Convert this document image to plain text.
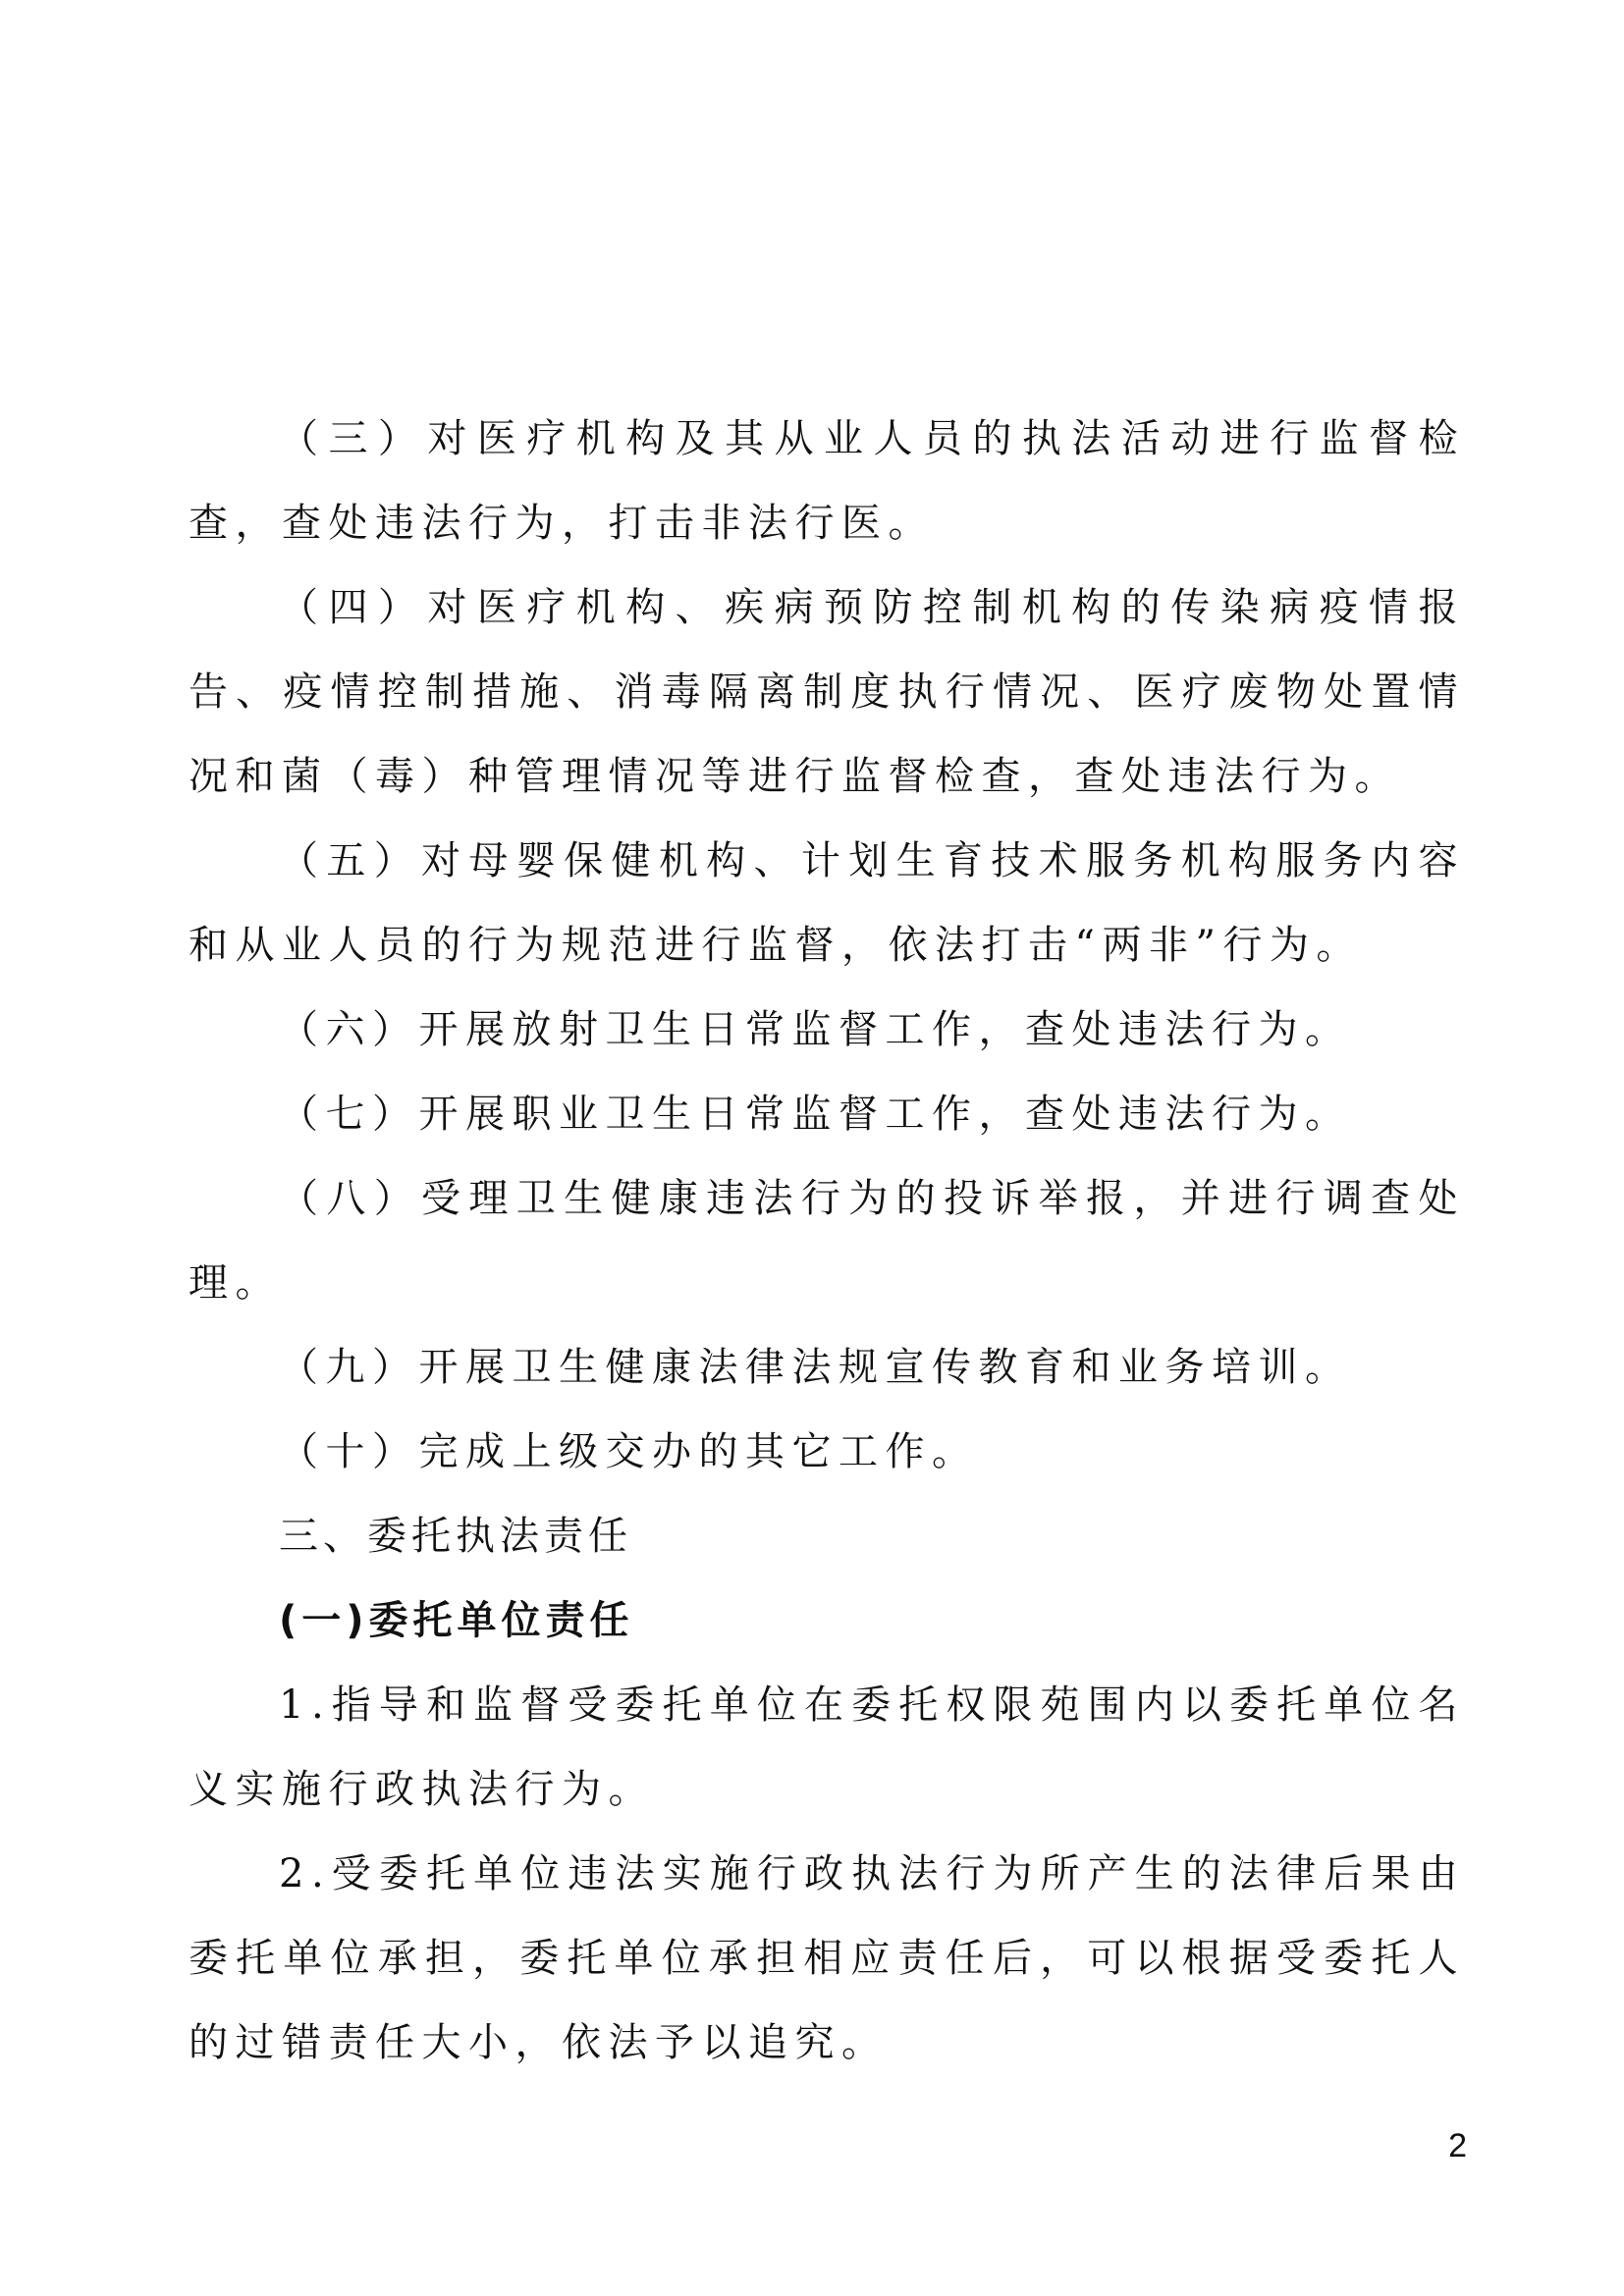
（三）对医疗机构及其从业人员的执法活动进行监督检查，查处违法行为，打击非法行医。

（四）对医疗机构、疾病预防控制机构的传染病疫情报告、疫情控制措施、消毒隔离制度执行情况、医疗废物处置情况和菌（毒）种管理情况等进行监督检查，查处违法行为。

（五）对母婴保健机构、计划生育技术服务机构服务内容和从业人员的行为规范进行监督，依法打击“两非”行为。

（六）开展放射卫生日常监督工作，查处违法行为。

（七）开展职业卫生日常监督工作，查处违法行为。

（八）受理卫生健康违法行为的投诉举报，并进行调查处理。

（九）开展卫生健康法律法规宣传教育和业务培训。

（十）完成上级交办的其它工作。

三、委托执法责任
(一)委托单位责任

1.指导和监督受委托单位在委托权限苑围内以委托单位名义实施行政执法行为。

2.受委托单位违法实施行政执法行为所产生的法律后果由委托单位承担，委托单位承担相应责任后，可以根据受委托人的过错责任大小，依法予以追究。

2
